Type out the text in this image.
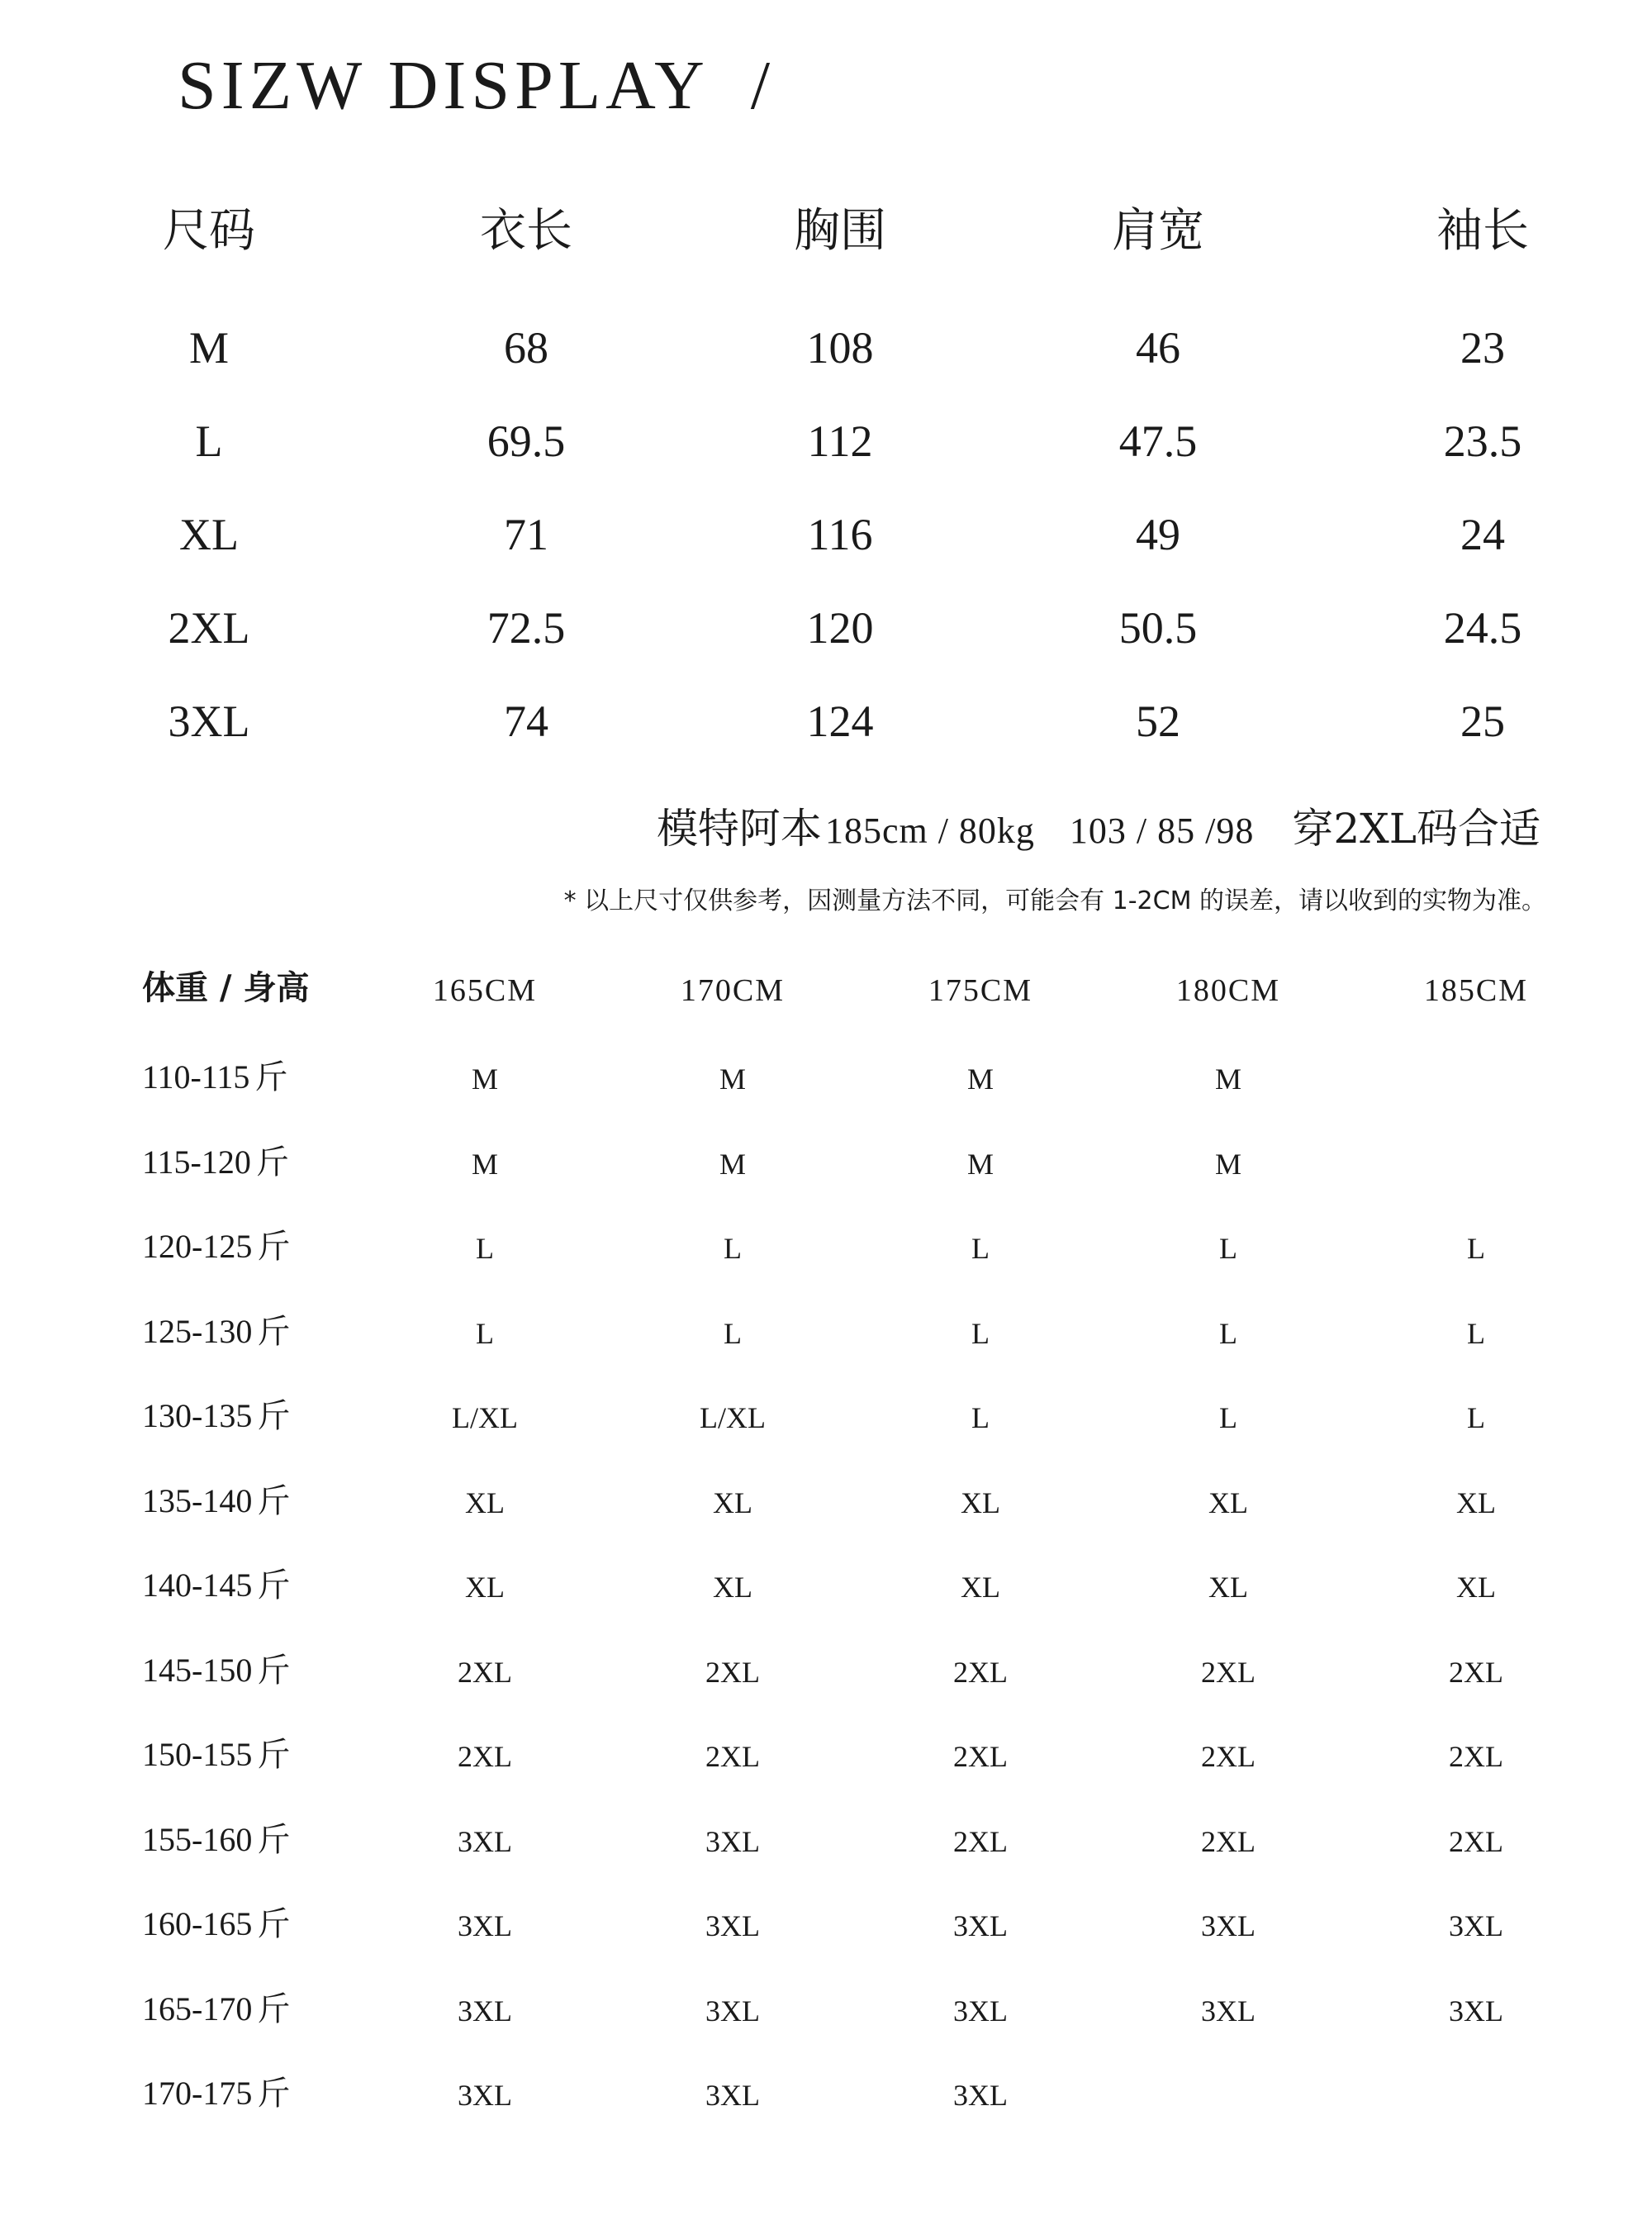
SIZW DISPLAY /
尺码	衣长	胸围	肩宽	袖长
M	68	108	46	23
L	69.5	112	47.5	23.5
XL	71	116	49	24
2XL	72.5	120	50.5	24.5
3XL	74	124	52	25
模特阿本 185cm / 80kg 103 / 85 /98 穿2XL码合适
* 以上尺寸仅供参考，因测量方法不同，可能会有 1-2CM 的误差，请以收到的实物为准。
体重 / 身高	165CM	170CM	175CM	180CM	185CM
110-115 斤	M	M	M	M
115-120 斤	M	M	M	M
120-125 斤	L	L	L	L	L
125-130 斤	L	L	L	L	L
130-135 斤	L/XL	L/XL	L	L	L
135-140 斤	XL	XL	XL	XL	XL
140-145 斤	XL	XL	XL	XL	XL
145-150 斤	2XL	2XL	2XL	2XL	2XL
150-155 斤	2XL	2XL	2XL	2XL	2XL
155-160 斤	3XL	3XL	2XL	2XL	2XL
160-165 斤	3XL	3XL	3XL	3XL	3XL
165-170 斤	3XL	3XL	3XL	3XL	3XL
170-175 斤	3XL	3XL	3XL
